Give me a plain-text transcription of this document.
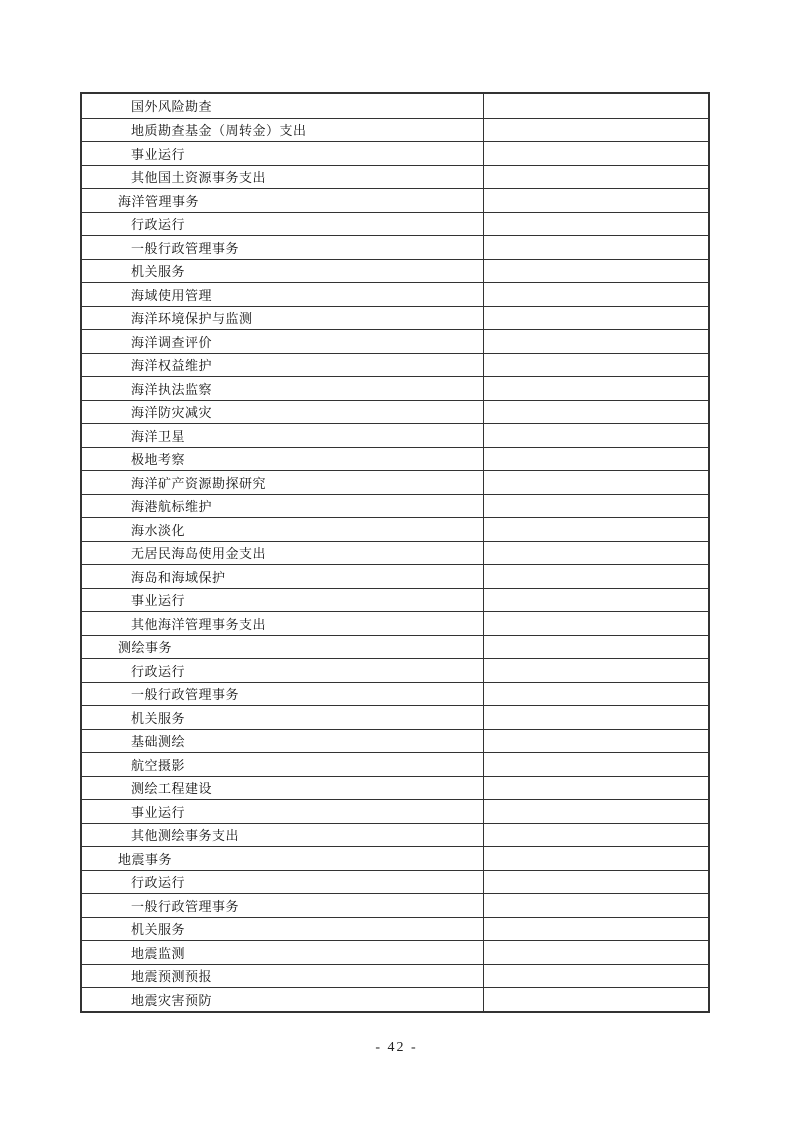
国外风险勘查
地质勘查基金（周转金）支出
事业运行
其他国土资源事务支出
海洋管理事务
行政运行
一般行政管理事务
机关服务
海域使用管理
海洋环境保护与监测
海洋调查评价
海洋权益维护
海洋执法监察
海洋防灾减灾
海洋卫星
极地考察
海洋矿产资源勘探研究
海港航标维护
海水淡化
无居民海岛使用金支出
海岛和海域保护
事业运行
其他海洋管理事务支出
测绘事务
行政运行
一般行政管理事务
机关服务
基础测绘
航空摄影
测绘工程建设
事业运行
其他测绘事务支出
地震事务
行政运行
一般行政管理事务
机关服务
地震监测
地震预测预报
地震灾害预防
- 42 -
